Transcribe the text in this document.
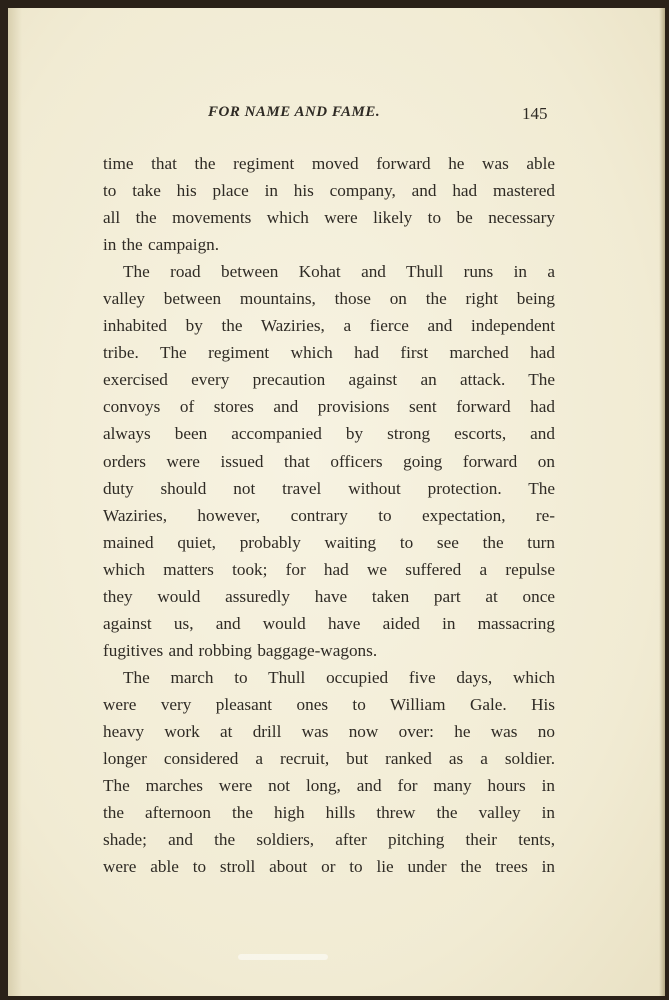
FOR NAME AND FAME.	145
time that the regiment moved forward he was able
to take his place in his company, and had mastered
all the movements which were likely to be necessary
in the campaign.
The road between Kohat and Thull runs in a
valley between mountains, those on the right being
inhabited by the Waziries, a fierce and independent
tribe. The regiment which had first marched had
exercised every precaution against an attack. The
convoys of stores and provisions sent forward had
always been accompanied by strong escorts, and
orders were issued that officers going forward on
duty should not travel without protection. The
Waziries, however, contrary to expectation, re-
mained quiet, probably waiting to see the turn
which matters took; for had we suffered a repulse
they would assuredly have taken part at once
against us, and would have aided in massacring
fugitives and robbing baggage-wagons.
The march to Thull occupied five days, which
were very pleasant ones to William Gale. His
heavy work at drill was now over: he was no
longer considered a recruit, but ranked as a soldier.
The marches were not long, and for many hours in
the afternoon the high hills threw the valley in
shade; and the soldiers, after pitching their tents,
were able to stroll about or to lie under the trees in
